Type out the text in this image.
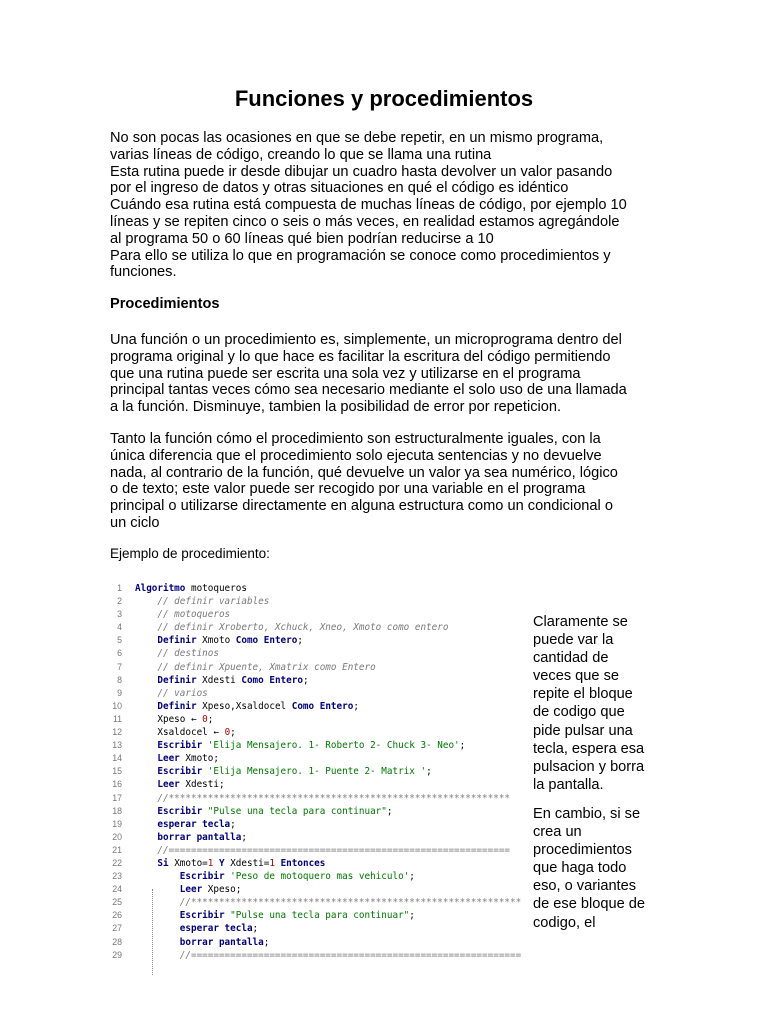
Funciones y procedimientos
No son pocas las ocasiones en que se debe repetir, en un mismo programa,
varias líneas de código, creando lo que se llama una rutina
Esta rutina puede ir desde dibujar un cuadro hasta devolver un valor pasando
por el ingreso de datos y otras situaciones en qué el código es idéntico
Cuándo esa rutina está compuesta de muchas líneas de código, por ejemplo 10
líneas y se repiten cinco o seis o más veces, en realidad estamos agregándole
al programa 50 o 60 líneas qué bien podrían reducirse a 10
Para ello se utiliza lo que en programación se conoce como procedimientos y
funciones.
Procedimientos
Una función o un procedimiento es, simplemente, un microprograma dentro del
programa original y lo que hace es facilitar la escritura del código permitiendo
que una rutina puede ser escrita una sola vez y utilizarse en el programa
principal tantas veces cómo sea necesario mediante el solo uso de una llamada
a la función. Disminuye, tambien la posibilidad de error por repeticion.
Tanto la función cómo el procedimiento son estructuralmente iguales, con la
única diferencia que el procedimiento solo ejecuta sentencias y no devuelve
nada, al contrario de la función, qué devuelve un valor ya sea numérico, lógico
o de texto; este valor puede ser recogido por una variable en el programa
principal o utilizarse directamente en alguna estructura como un condicional o
un ciclo
Ejemplo de procedimiento:
1 Algoritmo motoqueros
2 // definir variables
3 // motoqueros
4 // definir Xroberto, Xchuck, Xneo, Xmoto como entero
5 Definir Xmoto Como Entero;
6 // destinos
7 // definir Xpuente, Xmatrix como Entero
8 Definir Xdesti Como Entero;
9 // varios
10 Definir Xpeso,Xsaldocel Como Entero;
11 Xpeso ← 0;
12 Xsaldocel ← 0;
13 Escribir 'Elija Mensajero. 1- Roberto 2- Chuck 3- Neo';
14 Leer Xmoto;
15 Escribir 'Elija Mensajero. 1- Puente 2- Matrix ';
16 Leer Xdesti;
17 //*************************************************************
18 Escribir "Pulse una tecla para continuar";
19 esperar tecla;
20 borrar pantalla;
21 //=============================================================
22 Si Xmoto=1 Y Xdesti=1 Entonces
23 Escribir 'Peso de motoquero mas vehiculo';
24 Leer Xpeso;
25 //***********************************************************
26 Escribir "Pulse una tecla para continuar";
27 esperar tecla;
28 borrar pantalla;
29 //===========================================================
Claramente se
puede var la
cantidad de
veces que se
repite el bloque
de codigo que
pide pulsar una
tecla, espera esa
pulsacion y borra
la pantalla.
En cambio, si se
crea un
procedimientos
que haga todo
eso, o variantes
de ese bloque de
codigo, el
